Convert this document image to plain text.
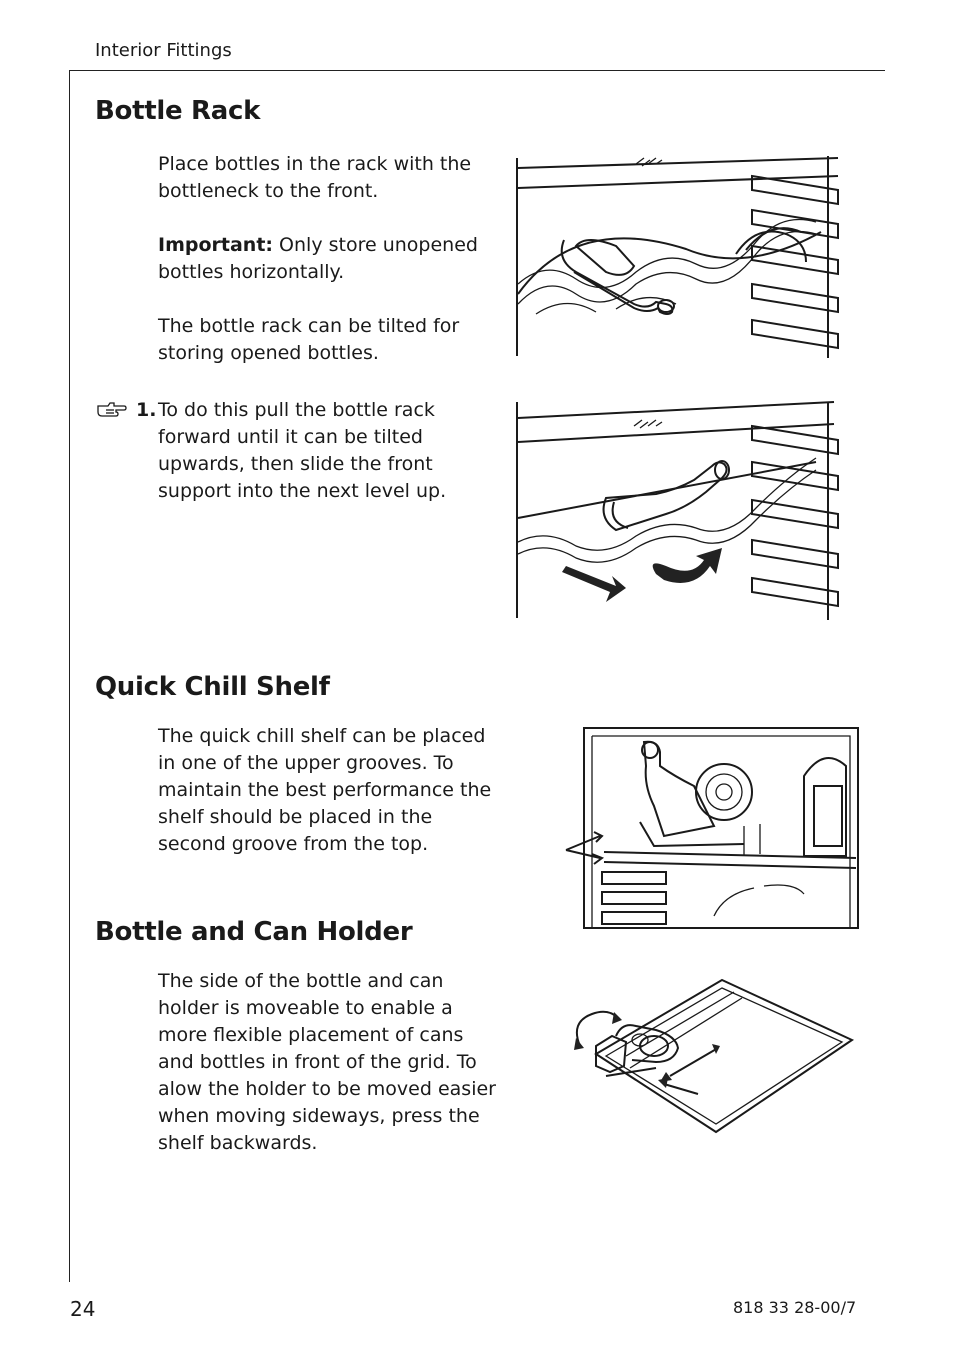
Interior Fittings
Bottle Rack
Place bottles in the rack with the bottleneck to the front.
Important: Only store unopened bottles horizontally.
The bottle rack can be tilted for storing opened bottles.
1. To do this pull the bottle rack forward until it can be tilted upwards, then slide the front support into the next level up.
Quick Chill Shelf
The quick chill shelf can be placed in one of the upper grooves. To maintain the best performance the shelf should be placed in the second groove from the top.
Bottle and Can Holder
The side of the bottle and can holder is moveable to enable a more flexible placement of cans and bottles in front of the grid. To alow the holder to be moved easier when moving sideways, press the shelf backwards.
24	818 33 28-00/7
